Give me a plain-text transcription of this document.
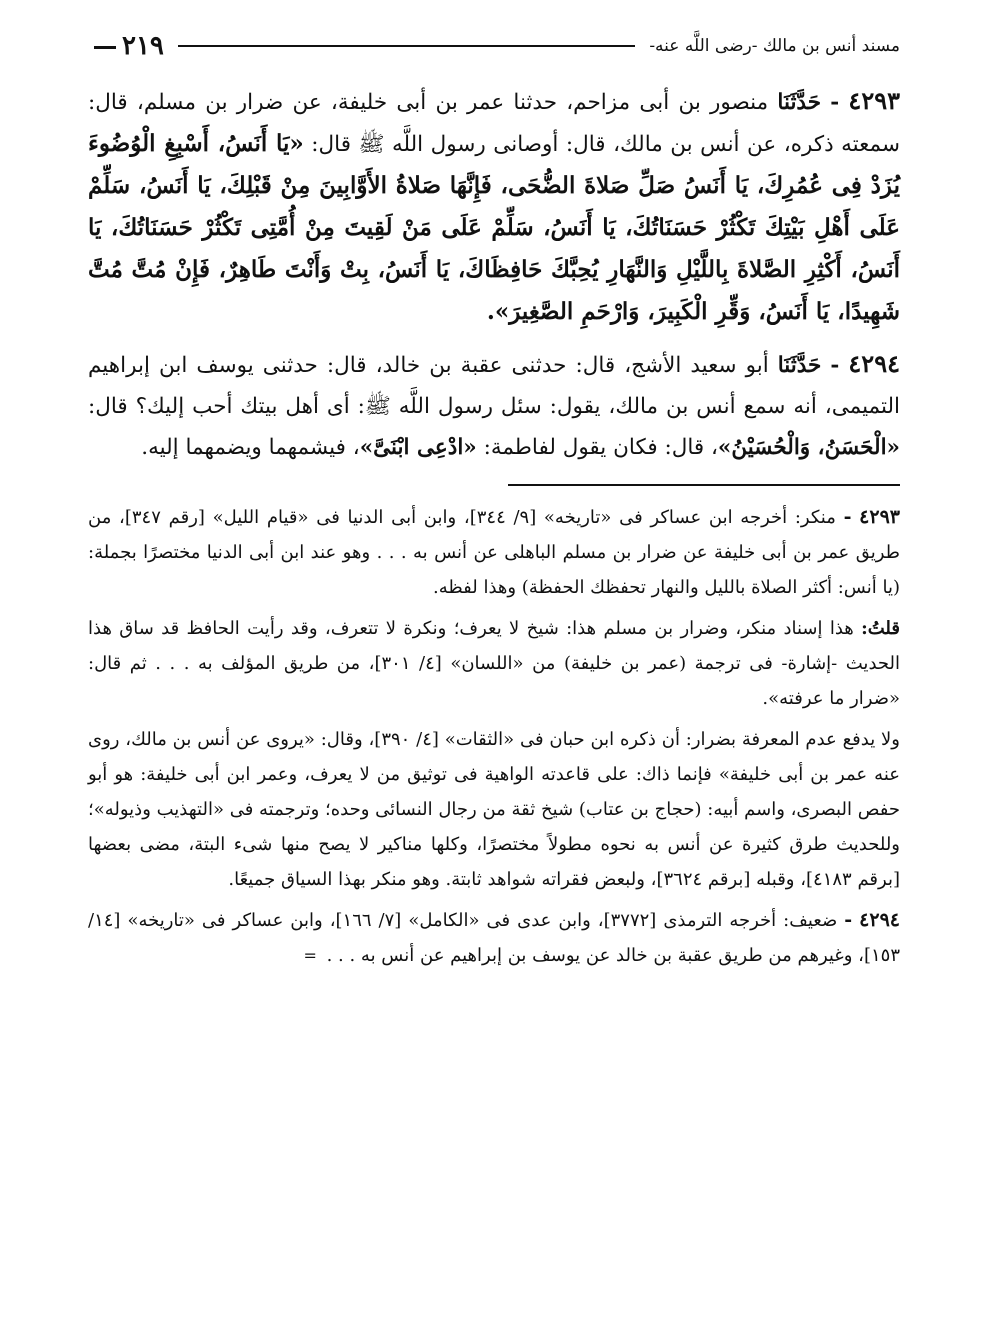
مسند أنس بن مالك -رضى اللَّه عنه-
٢١٩

٤٢٩٣ - حَدَّثَنَا منصور بن أبى مزاحم، حدثنا عمر بن أبى خليفة، عن ضرار بن مسلم، قال: سمعته ذكره، عن أنس بن مالك، قال: أوصانى رسول اللَّه ﷺ قال: «يَا أَنَسُ، أَسْبِغِ الْوُضُوءَ يُزَدْ فِى عُمُرِكَ، يَا أَنَسُ صَلِّ صَلاةَ الضُّحَى، فَإِنَّهَا صَلاةُ الأَوَّابِينَ مِنْ قَبْلِكَ، يَا أَنَسُ، سَلِّمْ عَلَى أَهْلِ بَيْتِكَ تَكْثُرْ حَسَنَاتُكَ، يَا أَنَسُ، سَلِّمْ عَلَى مَنْ لَقِيتَ مِنْ أُمَّتِى تَكْثُرْ حَسَنَاتُكَ، يَا أَنَسُ، أَكْثِرِ الصَّلاةَ بِاللَّيْلِ وَالنَّهَارِ يُحِبَّكَ حَافِظَاكَ، يَا أَنَسُ، بِتْ وَأَنْتَ طَاهِرٌ، فَإِنْ مُتَّ مُتَّ شَهِيدًا، يَا أَنَسُ، وَقِّرِ الْكَبِيرَ، وَارْحَمِ الصَّغِيرَ».

٤٢٩٤ - حَدَّثَنَا أبو سعيد الأشج، قال: حدثنى عقبة بن خالد، قال: حدثنى يوسف ابن إبراهيم التميمى، أنه سمع أنس بن مالك، يقول: سئل رسول اللَّه ﷺ: أى أهل بيتك أحب إليك؟ قال: «الْحَسَنُ، وَالْحُسَيْنُ»، قال: فكان يقول لفاطمة: «ادْعِى ابْنَىَّ»، فيشمهما ويضمهما إليه.

٤٢٩٣ - منكر: أخرجه ابن عساكر فى «تاريخه» [٩/ ٣٤٤]، وابن أبى الدنيا فى «قيام الليل» [رقم ٣٤٧]، من طريق عمر بن أبى خليفة عن ضرار بن مسلم الباهلى عن أنس به . . . وهو عند ابن أبى الدنيا مختصرًا بجملة: (يا أنس: أكثر الصلاة بالليل والنهار تحفظك الحفظة) وهذا لفظه.

قلتُ: هذا إسناد منكر، وضرار بن مسلم هذا: شيخ لا يعرف؛ ونكرة لا تتعرف، وقد رأيت الحافظ قد ساق هذا الحديث -إشارة- فى ترجمة (عمر بن خليفة) من «اللسان» [٤/ ٣٠١]، من طريق المؤلف به . . . ثم قال: «ضرار ما عرفته».

ولا يدفع عدم المعرفة بضرار: أن ذكره ابن حبان فى «الثقات» [٤/ ٣٩٠]، وقال: «يروى عن أنس بن مالك، روى عنه عمر بن أبى خليفة» فإنما ذاك: على قاعدته الواهية فى توثيق من لا يعرف، وعمر ابن أبى خليفة: هو أبو حفص البصرى، واسم أبيه: (حجاج بن عتاب) شيخ ثقة من رجال النسائى وحده؛ وترجمته فى «التهذيب وذيوله»؛ وللحديث طرق كثيرة عن أنس به نحوه مطولاً مختصرًا، وكلها مناكير لا يصح منها شىء البتة، مضى بعضها [برقم ٤١٨٣]، وقبله [برقم ٣٦٢٤]، ولبعض فقراته شواهد ثابتة. وهو منكر بهذا السياق جميعًا.

٤٢٩٤ - ضعيف: أخرجه الترمذى [٣٧٧٢]، وابن عدى فى «الكامل» [٧/ ١٦٦]، وابن عساكر فى «تاريخه» [١٤/ ١٥٣]، وغيرهم من طريق عقبة بن خالد عن يوسف بن إبراهيم عن أنس به . . . =
